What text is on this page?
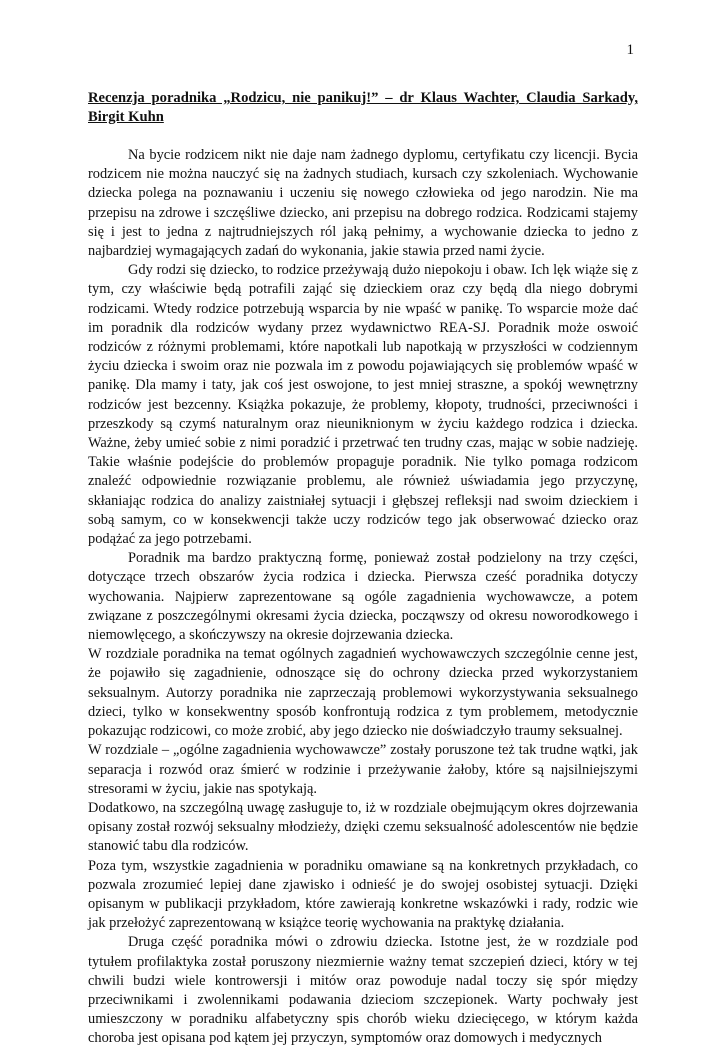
1

Recenzja poradnika „Rodzicu, nie panikuj!” – dr Klaus Wachter, Claudia Sarkady, Birgit Kuhn

Na bycie rodzicem nikt nie daje nam żadnego dyplomu, certyfikatu czy licencji. Bycia rodzicem nie można nauczyć się na żadnych studiach, kursach czy szkoleniach. Wychowanie dziecka polega na poznawaniu i uczeniu się nowego człowieka od jego narodzin. Nie ma przepisu na zdrowe i szczęśliwe dziecko, ani przepisu na dobrego rodzica. Rodzicami stajemy się i jest to jedna z najtrudniejszych ról jaką pełnimy, a wychowanie dziecka to jedno z najbardziej wymagających zadań do wykonania, jakie stawia przed nami życie.

Gdy rodzi się dziecko, to rodzice przeżywają dużo niepokoju i obaw. Ich lęk wiąże się z tym, czy właściwie będą potrafili zająć się dzieckiem oraz czy będą dla niego dobrymi rodzicami. Wtedy rodzice potrzebują wsparcia by nie wpaść w panikę. To wsparcie może dać im poradnik dla rodziców wydany przez wydawnictwo REA-SJ. Poradnik może oswoić rodziców z różnymi problemami, które napotkali lub napotkają w przyszłości w codziennym życiu dziecka i swoim oraz nie pozwala im z powodu pojawiających się problemów wpaść w panikę. Dla mamy i taty, jak coś jest oswojone, to jest mniej straszne, a spokój wewnętrzny rodziców jest bezcenny. Książka pokazuje, że problemy, kłopoty, trudności, przeciwności i przeszkody są czymś naturalnym oraz nieuniknionym w życiu każdego rodzica i dziecka. Ważne, żeby umieć sobie z nimi poradzić i przetrwać ten trudny czas, mając w sobie nadzieję. Takie właśnie podejście do problemów propaguje poradnik. Nie tylko pomaga rodzicom znaleźć odpowiednie rozwiązanie problemu, ale również uświadamia jego przyczynę, skłaniając rodzica do analizy zaistniałej sytuacji i głębszej refleksji nad swoim dzieckiem i sobą samym, co w konsekwencji także uczy rodziców tego jak obserwować dziecko oraz podążać za jego potrzebami.

Poradnik ma bardzo praktyczną formę, ponieważ został podzielony na trzy części, dotyczące trzech obszarów życia rodzica i dziecka. Pierwsza cześć poradnika dotyczy wychowania. Najpierw zaprezentowane są ogóle zagadnienia wychowawcze, a potem związane z poszczególnymi okresami życia dziecka, począwszy od okresu noworodkowego i niemowlęcego, a skończywszy na okresie dojrzewania dziecka.

W rozdziale poradnika na temat ogólnych zagadnień wychowawczych szczególnie cenne jest, że pojawiło się zagadnienie, odnoszące się do ochrony dziecka przed wykorzystaniem seksualnym. Autorzy poradnika nie zaprzeczają problemowi wykorzystywania seksualnego dzieci, tylko w konsekwentny sposób konfrontują rodzica z tym problemem, metodycznie pokazując rodzicowi, co może zrobić, aby jego dziecko nie doświadczyło traumy seksualnej.

W rozdziale – „ogólne zagadnienia wychowawcze” zostały poruszone też tak trudne wątki, jak separacja i rozwód oraz śmierć w rodzinie i przeżywanie żałoby, które są najsilniejszymi stresorami w życiu, jakie nas spotykają.

Dodatkowo, na szczególną uwagę zasługuje to, iż w rozdziale obejmującym okres dojrzewania opisany został rozwój seksualny młodzieży, dzięki czemu seksualność adolescentów nie będzie stanowić tabu dla rodziców.

Poza tym, wszystkie zagadnienia w poradniku omawiane są na konkretnych przykładach, co pozwala zrozumieć lepiej dane zjawisko i odnieść je do swojej osobistej sytuacji. Dzięki opisanym w publikacji przykładom, które zawierają konkretne wskazówki i rady, rodzic wie jak przełożyć zaprezentowaną w książce teorię wychowania na praktykę działania.

Druga część poradnika mówi o zdrowiu dziecka. Istotne jest, że w rozdziale pod tytułem profilaktyka został poruszony niezmiernie ważny temat szczepień dzieci, który w tej chwili budzi wiele kontrowersji i mitów oraz powoduje nadal toczy się spór między przeciwnikami i zwolennikami podawania dzieciom szczepionek. Warty pochwały jest umieszczony w poradniku alfabetyczny spis chorób wieku dziecięcego, w którym każda choroba jest opisana pod kątem jej przyczyn, symptomów oraz domowych i medycznych
